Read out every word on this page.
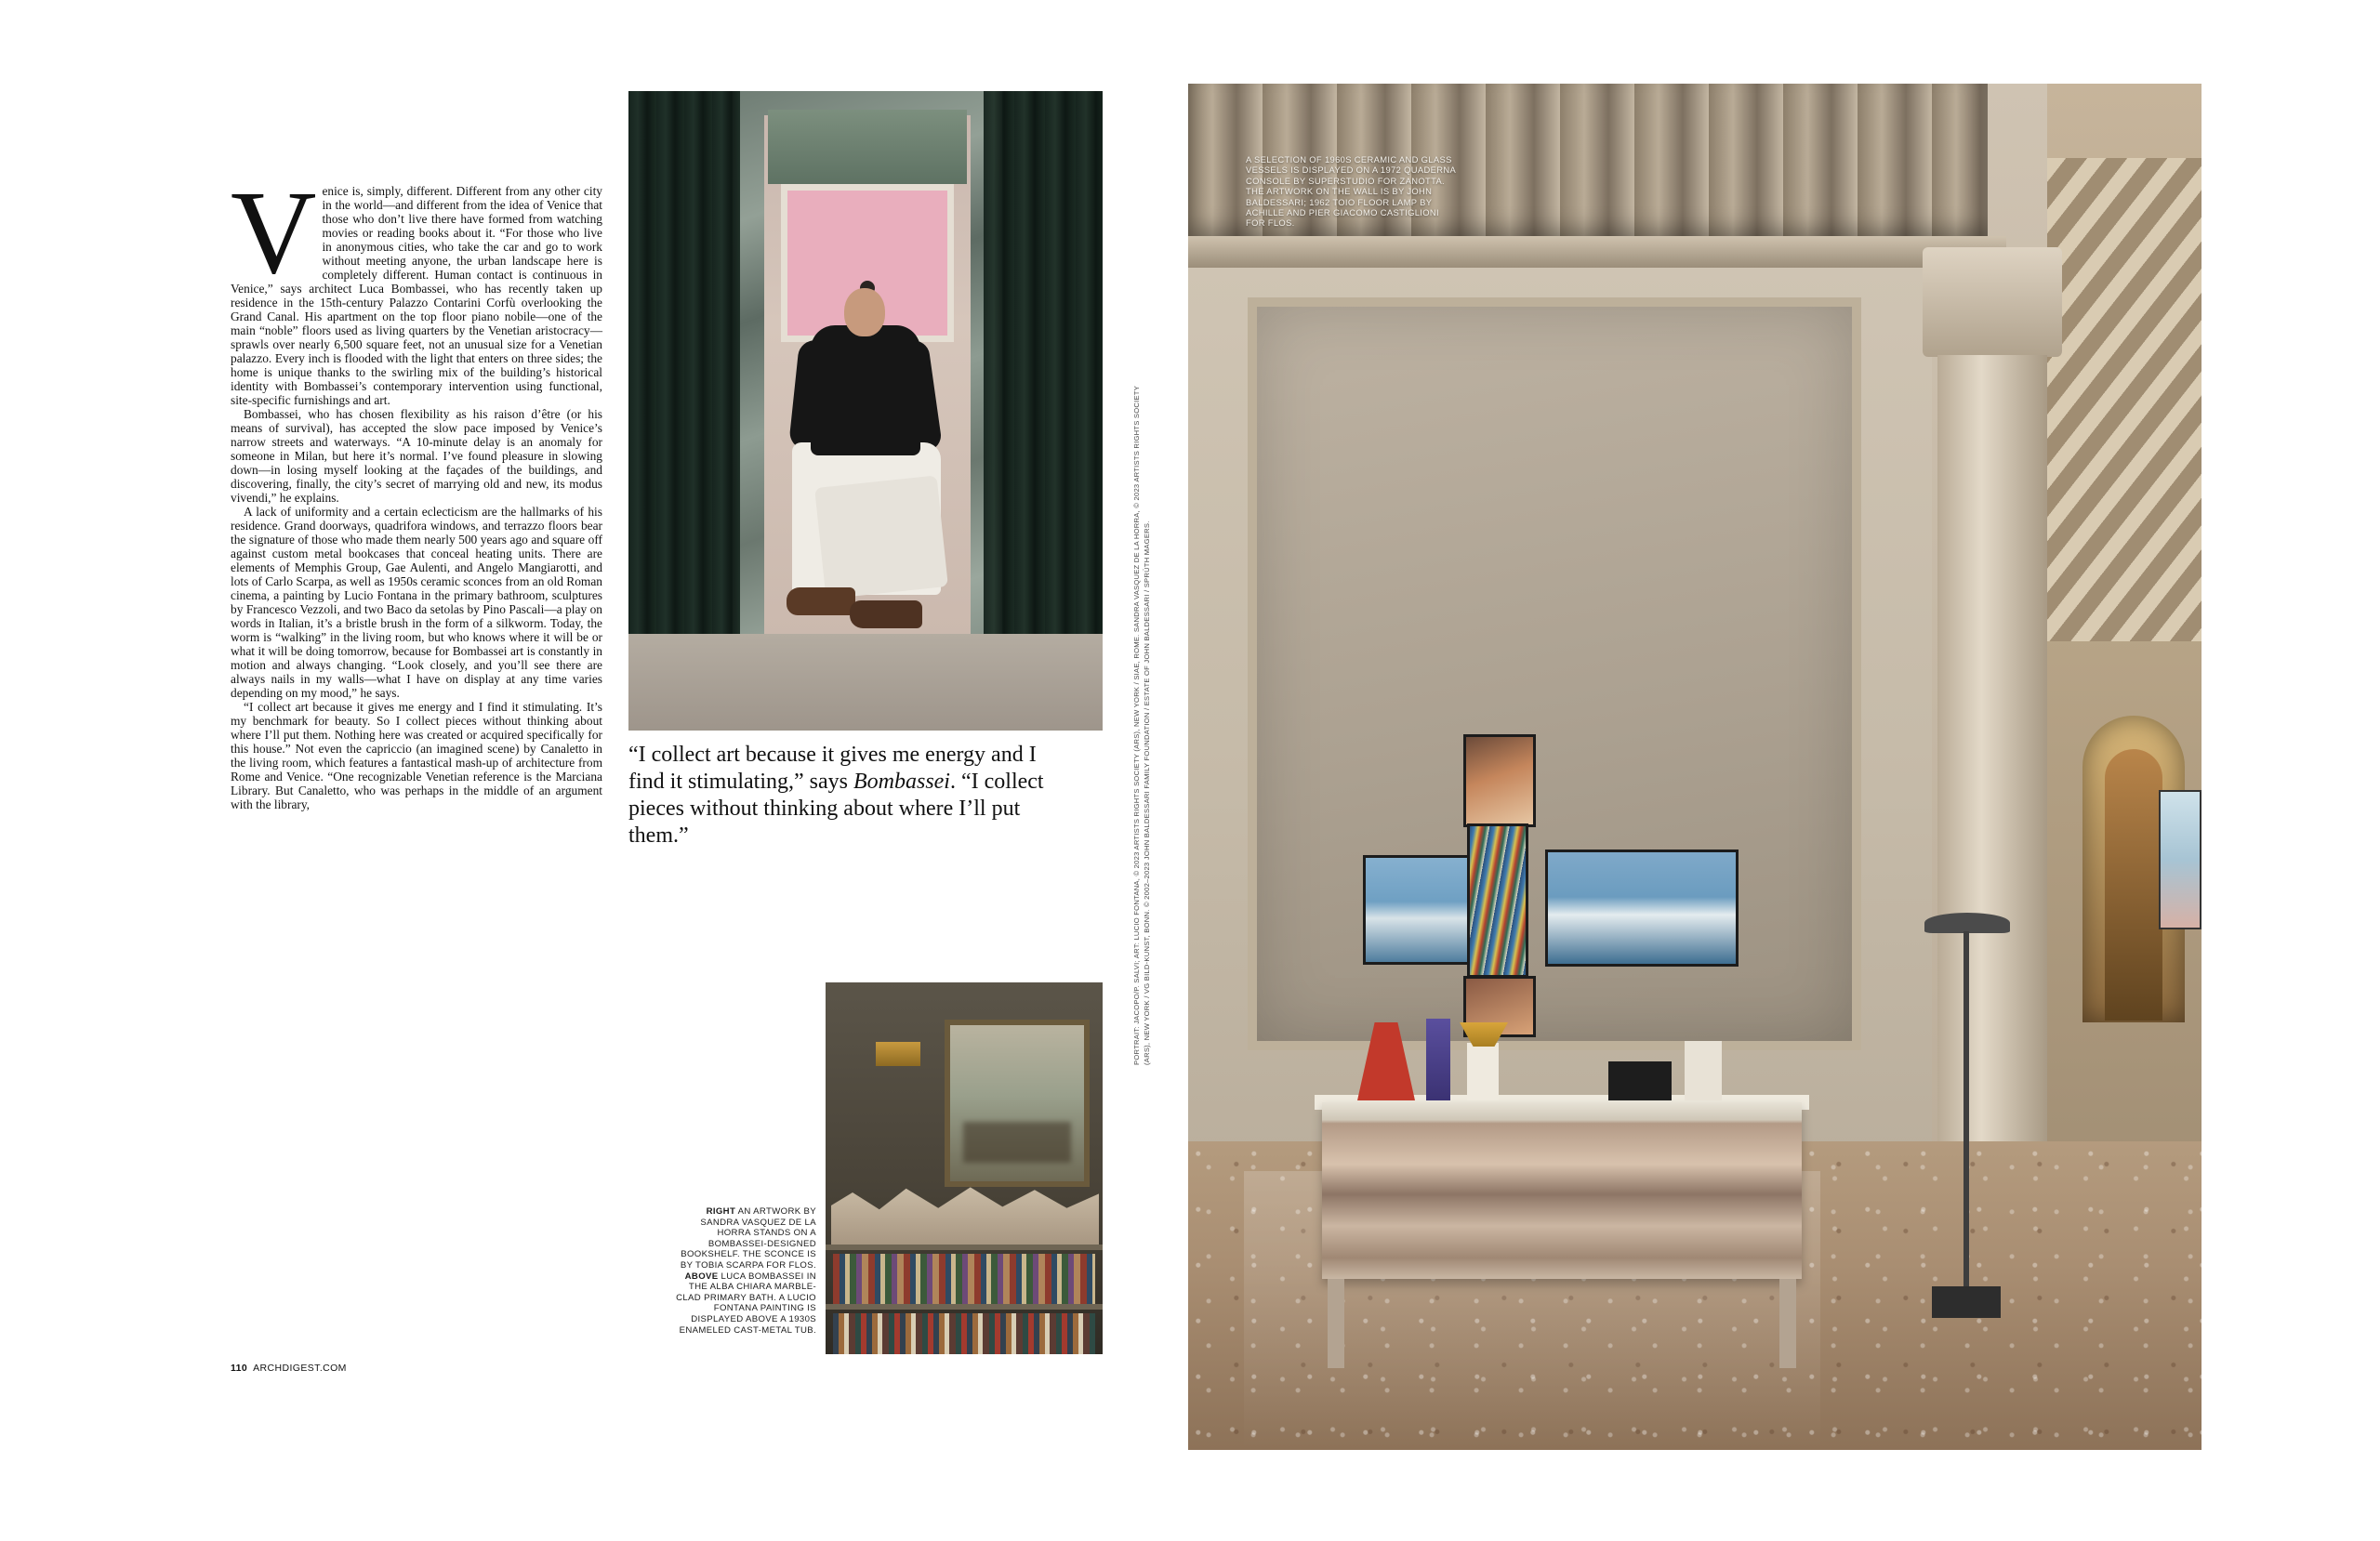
V enice is, simply, different. Different from any other city in the world—and different from the idea of Venice that those who don’t live there have formed from watching movies or reading books about it. “For those who live in anonymous cities, who take the car and go to work without meeting anyone, the urban landscape here is completely different. Human contact is continuous in Venice,” says architect Luca Bombassei, who has recently taken up residence in the 15th-century Palazzo Contarini Corfù overlooking the Grand Canal. His apartment on the top floor piano nobile—one of the main “noble” floors used as living quarters by the Venetian aristocracy—sprawls over nearly 6,500 square feet, not an unusual size for a Venetian palazzo. Every inch is flooded with the light that enters on three sides; the home is unique thanks to the swirling mix of the building’s historical identity with Bombassei’s contemporary intervention using functional, site-specific furnishings and art.

Bombassei, who has chosen flexibility as his raison d’être (or his means of survival), has accepted the slow pace imposed by Venice’s narrow streets and waterways. “A 10-minute delay is an anomaly for someone in Milan, but here it’s normal. I’ve found pleasure in slowing down—in losing myself looking at the façades of the buildings, and discovering, finally, the city’s secret of marrying old and new, its modus vivendi,” he explains.

A lack of uniformity and a certain eclecticism are the hallmarks of his residence. Grand doorways, quadrifora windows, and terrazzo floors bear the signature of those who made them nearly 500 years ago and square off against custom metal bookcases that conceal heating units. There are elements of Memphis Group, Gae Aulenti, and Angelo Mangiarotti, and lots of Carlo Scarpa, as well as 1950s ceramic sconces from an old Roman cinema, a painting by Lucio Fontana in the primary bathroom, sculptures by Francesco Vezzoli, and two Baco da setolas by Pino Pascali—a play on words in Italian, it’s a bristle brush in the form of a silkworm. Today, the worm is “walking” in the living room, but who knows where it will be or what it will be doing tomorrow, because for Bombassei art is constantly in motion and always changing. “Look closely, and you’ll see there are always nails in my walls—what I have on display at any time varies depending on my mood,” he says.

“I collect art because it gives me energy and I find it stimulating. It’s my benchmark for beauty. So I collect pieces without thinking about where I’ll put them. Nothing here was created or acquired specifically for this house.” Not even the capriccio (an imagined scene) by Canaletto in the living room, which features a fantastical mash-up of architecture from Rome and Venice. “One recognizable Venetian reference is the Marciana Library. But Canaletto, who was perhaps in the middle of an argument with the library,

110 ARCHDIGEST.COM
“I collect art because it gives me energy and I find it stimulating,” says Bombassei. “I collect pieces without thinking about where I’ll put them.”
RIGHT AN ARTWORK BY SANDRA VASQUEZ DE LA HORRA STANDS ON A BOMBASSEI-DESIGNED BOOKSHELF. THE SCONCE IS BY TOBIA SCARPA FOR FLOS. ABOVE LUCA BOMBASSEI IN THE ALBA CHIARA MARBLE-CLAD PRIMARY BATH. A LUCIO FONTANA PAINTING IS DISPLAYED ABOVE A 1930S ENAMELED CAST-METAL TUB.
PORTRAIT: JACOPO/P. SALVI; ART: LUCIO FONTANA, © 2023 ARTISTS RIGHTS SOCIETY (ARS), NEW YORK / SIAE, ROME. SANDRA VASQUEZ DE LA HORRA, © 2023 ARTISTS RIGHTS SOCIETY (ARS), NEW YORK / VG BILD-KUNST, BONN. © 2002–2023 JOHN BALDESSARI FAMILY FOUNDATION / ESTATE OF JOHN BALDESSARI / SPRÜTH MAGERS.
A SELECTION OF 1960S CERAMIC AND GLASS VESSELS IS DISPLAYED ON A 1972 QUADERNA CONSOLE BY SUPERSTUDIO FOR ZANOTTA. THE ARTWORK ON THE WALL IS BY JOHN BALDESSARI; 1962 TOIO FLOOR LAMP BY ACHILLE AND PIER GIACOMO CASTIGLIONI FOR FLOS.
